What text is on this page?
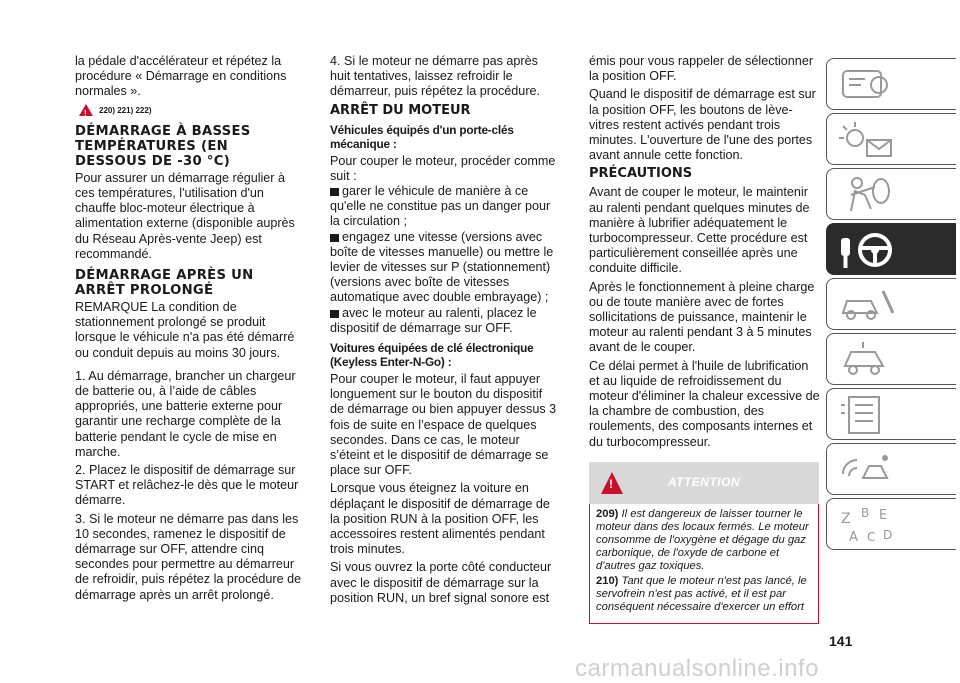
la pédale d'accélérateur et répétez la procédure « Démarrage en conditions normales ».

!
220) 221) 222)
DÉMARRAGE À BASSES TEMPÉRATURES (EN DESSOUS DE -30 °C)

Pour assurer un démarrage régulier à ces températures, l'utilisation d'un chauffe bloc-moteur électrique à alimentation externe (disponible auprès du Réseau Après-vente Jeep) est recommandé.

DÉMARRAGE APRÈS UN ARRÊT PROLONGÉ

REMARQUE La condition de stationnement prolongé se produit lorsque le véhicule n'a pas été démarré ou conduit depuis au moins 30 jours.

1. Au démarrage, brancher un chargeur de batterie ou, à l’aide de câbles appropriés, une batterie externe pour garantir une recharge complète de la batterie pendant le cycle de mise en marche.

2. Placez le dispositif de démarrage sur START et relâchez-le dès que le moteur démarre.

3. Si le moteur ne démarre pas dans les 10 secondes, ramenez le dispositif de démarrage sur OFF, attendre cinq secondes pour permettre au démarreur de refroidir, puis répétez la procédure de démarrage après un arrêt prolongé.

4. Si le moteur ne démarre pas après huit tentatives, laissez refroidir le démarreur, puis répétez la procédure.

ARRÊT DU MOTEUR
Véhicules équipés d'un porte-clés mécanique :

Pour couper le moteur, procéder comme suit :

garer le véhicule de manière à ce qu'elle ne constitue pas un danger pour la circulation ;

engagez une vitesse (versions avec boîte de vitesses manuelle) ou mettre le levier de vitesses sur P (stationnement) (versions avec boîte de vitesses automatique avec double embrayage) ;

avec le moteur au ralenti, placez le dispositif de démarrage sur OFF.

Voitures équipées de clé électronique (Keyless Enter-N-Go) :

Pour couper le moteur, il faut appuyer longuement sur le bouton du dispositif de démarrage ou bien appuyer dessus 3 fois de suite en l’espace de quelques secondes. Dans ce cas, le moteur s’éteint et le dispositif de démarrage se place sur OFF.

Lorsque vous éteignez la voiture en déplaçant le dispositif de démarrage de la position RUN à la position OFF, les accessoires restent alimentés pendant trois minutes.

Si vous ouvrez la porte côté conducteur avec le dispositif de démarrage sur la position RUN, un bref signal sonore est

émis pour vous rappeler de sélectionner la position OFF.

Quand le dispositif de démarrage est sur la position OFF, les boutons de lève-vitres restent activés pendant trois minutes. L'ouverture de l'une des portes avant annule cette fonction.

PRÉCAUTIONS

Avant de couper le moteur, le maintenir au ralenti pendant quelques minutes de manière à lubrifier adéquatement le turbocompresseur. Cette procédure est particulièrement conseillée après une conduite difficile.

Après le fonctionnement à pleine charge ou de toute manière avec de fortes sollicitations de puissance, maintenir le moteur au ralenti pendant 3 à 5 minutes avant de le couper.

Ce délai permet à l'huile de lubrification et au liquide de refroidissement du moteur d'éliminer la chaleur excessive de la chambre de combustion, des roulements, des composants internes et du turbocompresseur.

!	ATTENTION

209) Il est dangereux de laisser tourner le moteur dans des locaux fermés. Le moteur consomme de l'oxygène et dégage du gaz carbonique, de l'oxyde de carbone et d'autres gaz toxiques.

210) Tant que le moteur n'est pas lancé, le servofrein n'est pas activé, et il est par conséquent nécessaire d'exercer un effort

Z B E
A C D
141
carmanualsonline.info
